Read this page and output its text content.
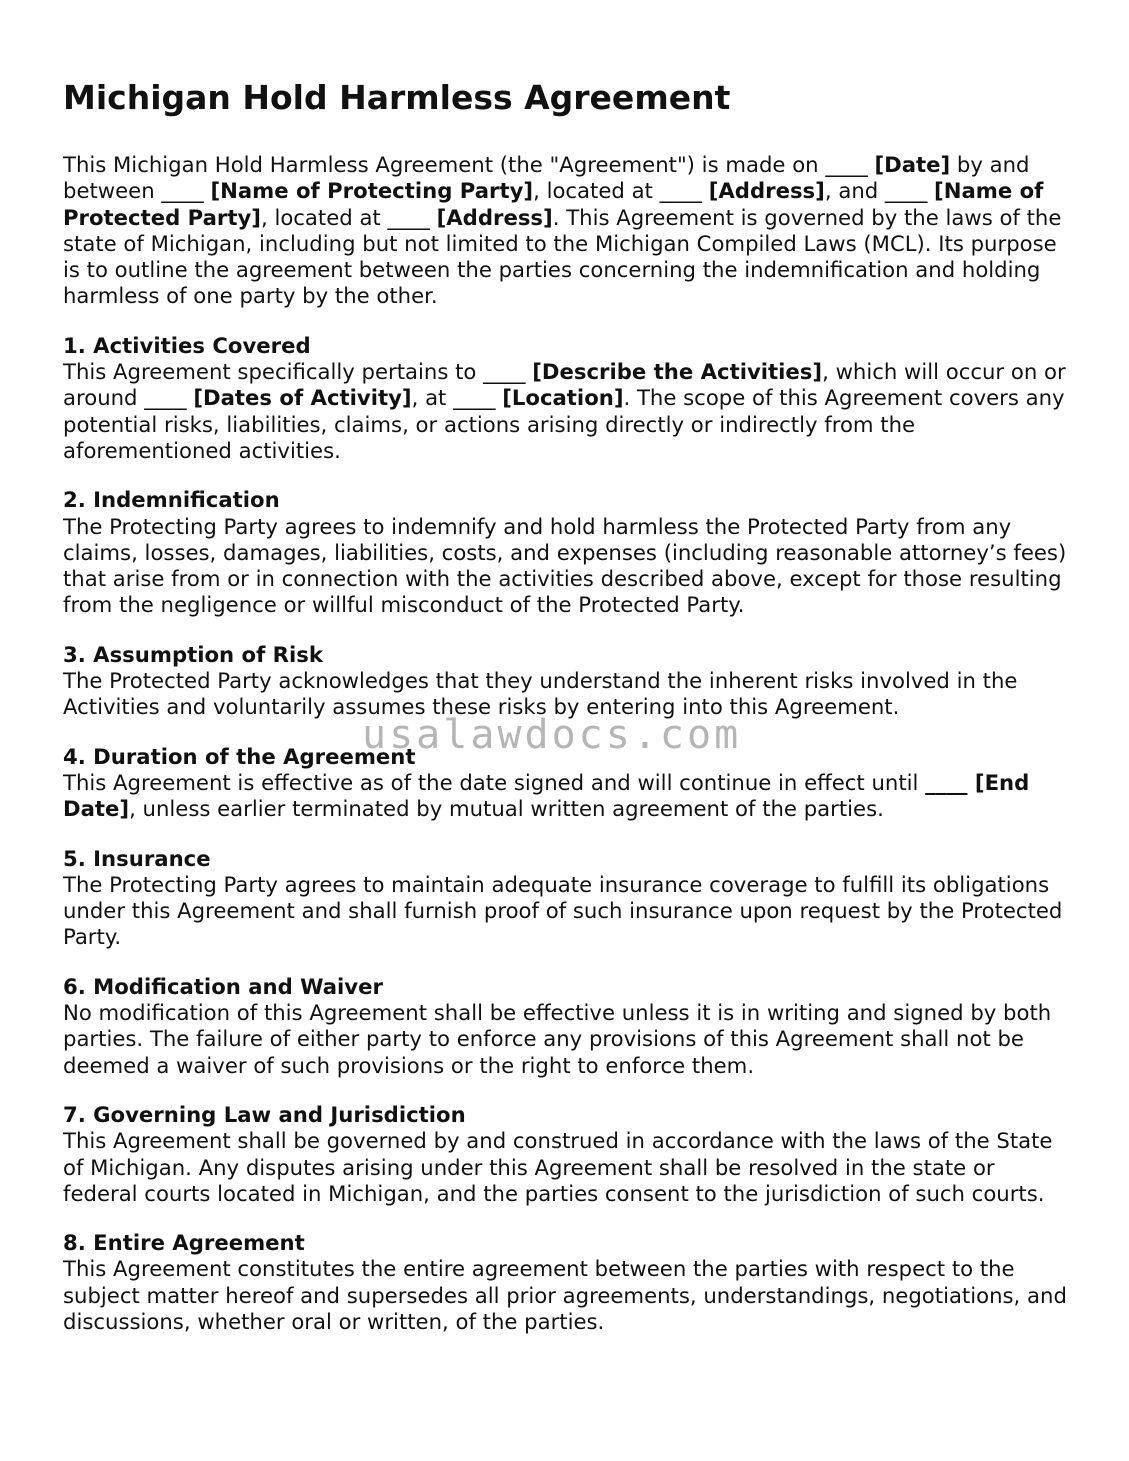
Michigan Hold Harmless Agreement

This Michigan Hold Harmless Agreement (the "Agreement") is made on ____ [Date] by and between ____ [Name of Protecting Party], located at ____ [Address], and ____ [Name of Protected Party], located at ____ [Address]. This Agreement is governed by the laws of the state of Michigan, including but not limited to the Michigan Compiled Laws (MCL). Its purpose is to outline the agreement between the parties concerning the indemnification and holding harmless of one party by the other.

1. Activities Covered

This Agreement specifically pertains to ____ [Describe the Activities], which will occur on or around ____ [Dates of Activity], at ____ [Location]. The scope of this Agreement covers any potential risks, liabilities, claims, or actions arising directly or indirectly from the aforementioned activities.

2. Indemnification

The Protecting Party agrees to indemnify and hold harmless the Protected Party from any claims, losses, damages, liabilities, costs, and expenses (including reasonable attorney’s fees) that arise from or in connection with the activities described above, except for those resulting from the negligence or willful misconduct of the Protected Party.

3. Assumption of Risk

The Protected Party acknowledges that they understand the inherent risks involved in the Activities and voluntarily assumes these risks by entering into this Agreement.

4. Duration of the Agreement

This Agreement is effective as of the date signed and will continue in effect until ____ [End Date], unless earlier terminated by mutual written agreement of the parties.

5. Insurance

The Protecting Party agrees to maintain adequate insurance coverage to fulfill its obligations under this Agreement and shall furnish proof of such insurance upon request by the Protected Party.

6. Modification and Waiver

No modification of this Agreement shall be effective unless it is in writing and signed by both parties. The failure of either party to enforce any provisions of this Agreement shall not be deemed a waiver of such provisions or the right to enforce them.

7. Governing Law and Jurisdiction

This Agreement shall be governed by and construed in accordance with the laws of the State of Michigan. Any disputes arising under this Agreement shall be resolved in the state or federal courts located in Michigan, and the parties consent to the jurisdiction of such courts.

8. Entire Agreement

This Agreement constitutes the entire agreement between the parties with respect to the subject matter hereof and supersedes all prior agreements, understandings, negotiations, and discussions, whether oral or written, of the parties.

usalawdocs.com
